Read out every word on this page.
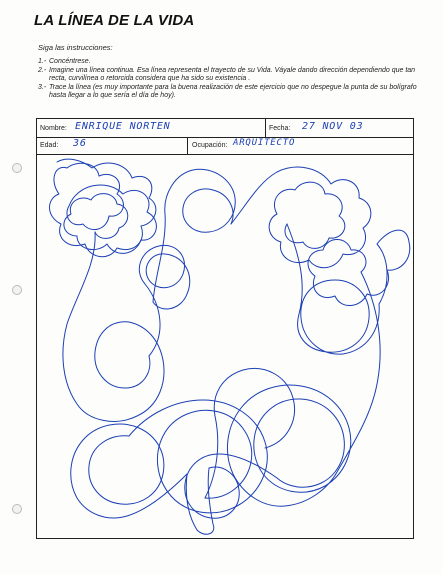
LA LÍNEA DE LA VIDA
Siga las instrucciones:
1.- Concéntrese.
2.- Imagine una línea continua. Esa línea representa el trayecto de su Vida. Váyale dando dirección dependiendo que tan recta, curvilínea o retorcida considera que ha sido su existencia .
3.- Trace la línea (es muy importante para la buena realización de este ejercicio que no despegue la punta de su bolígrafo hasta llegar a lo que sería el día de hoy).
Nombre: ENRIQUE NORTEN	Fecha: 27 NOV 03
Edad: 36	Ocupación: ARQUITECTO
